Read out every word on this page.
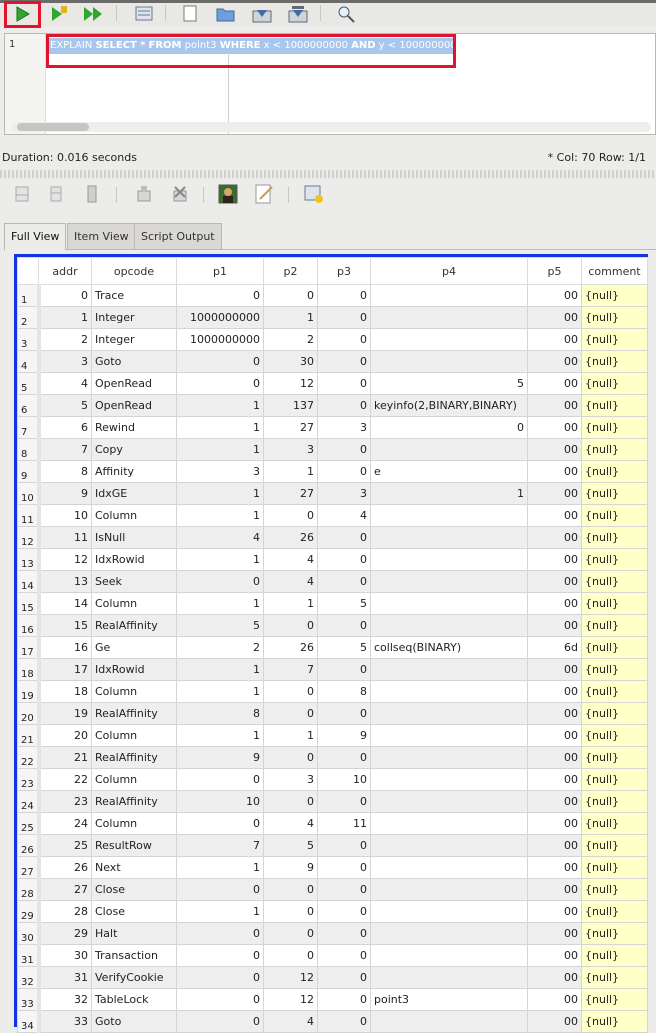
1	EXPLAIN SELECT * FROM point3 WHERE x < 1000000000 AND y < 1000000000;
Duration: 0.016 seconds	* Col: 70 Row: 1/1
Full View	Item View	Script Output
	addr	opcode	p1	p2	p3	p4	p5	comment
1	0	Trace	0	0	0		00	{null}
2	1	Integer	1000000000	1	0		00	{null}
3	2	Integer	1000000000	2	0		00	{null}
4	3	Goto	0	30	0		00	{null}
5	4	OpenRead	0	12	0	5	00	{null}
6	5	OpenRead	1	137	0	keyinfo(2,BINARY,BINARY)	00	{null}
7	6	Rewind	1	27	3	0	00	{null}
8	7	Copy	1	3	0		00	{null}
9	8	Affinity	3	1	0	e	00	{null}
10	9	IdxGE	1	27	3	1	00	{null}
11	10	Column	1	0	4		00	{null}
12	11	IsNull	4	26	0		00	{null}
13	12	IdxRowid	1	4	0		00	{null}
14	13	Seek	0	4	0		00	{null}
15	14	Column	1	1	5		00	{null}
16	15	RealAffinity	5	0	0		00	{null}
17	16	Ge	2	26	5	collseq(BINARY)	6d	{null}
18	17	IdxRowid	1	7	0		00	{null}
19	18	Column	1	0	8		00	{null}
20	19	RealAffinity	8	0	0		00	{null}
21	20	Column	1	1	9		00	{null}
22	21	RealAffinity	9	0	0		00	{null}
23	22	Column	0	3	10		00	{null}
24	23	RealAffinity	10	0	0		00	{null}
25	24	Column	0	4	11		00	{null}
26	25	ResultRow	7	5	0		00	{null}
27	26	Next	1	9	0		00	{null}
28	27	Close	0	0	0		00	{null}
29	28	Close	1	0	0		00	{null}
30	29	Halt	0	0	0		00	{null}
31	30	Transaction	0	0	0		00	{null}
32	31	VerifyCookie	0	12	0		00	{null}
33	32	TableLock	0	12	0	point3	00	{null}
34	33	Goto	0	4	0		00	{null}
